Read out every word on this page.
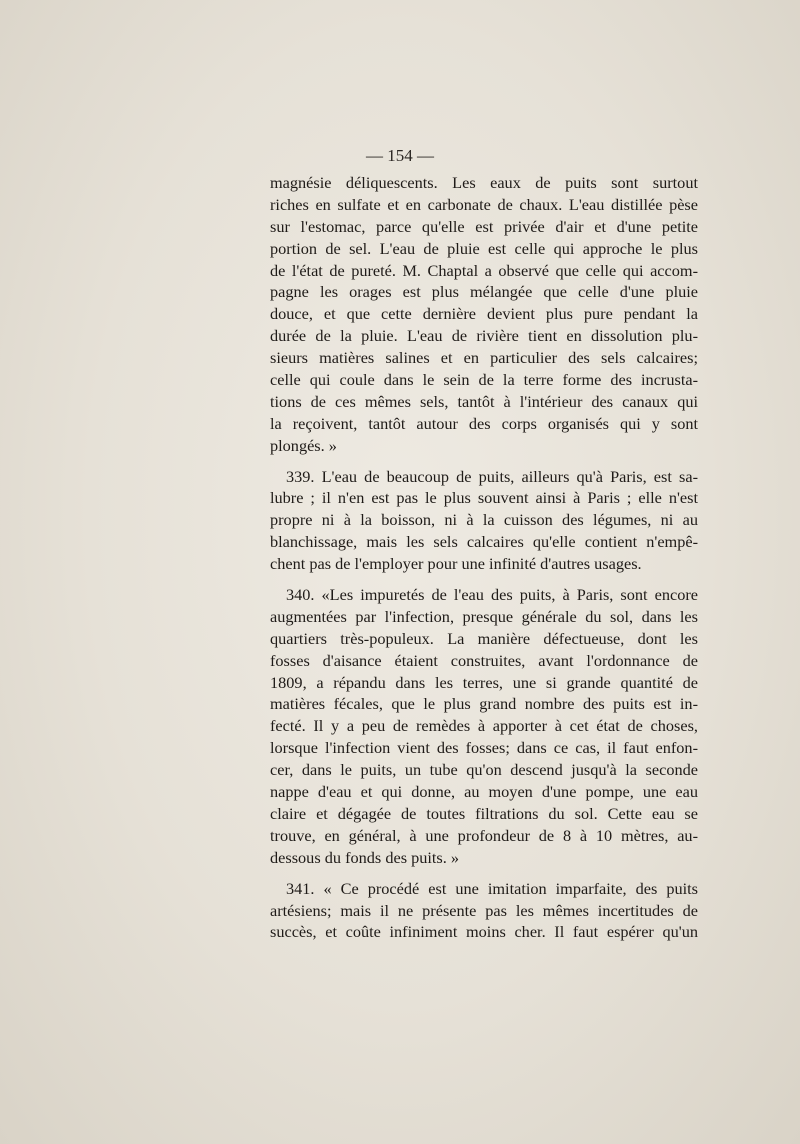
— 154 —
magnésie déliquescents. Les eaux de puits sont surtout
riches en sulfate et en carbonate de chaux. L'eau distillée pèse
sur l'estomac, parce qu'elle est privée d'air et d'une petite
portion de sel. L'eau de pluie est celle qui approche le plus
de l'état de pureté. M. Chaptal a observé que celle qui accom-
pagne les orages est plus mélangée que celle d'une pluie
douce, et que cette dernière devient plus pure pendant la
durée de la pluie. L'eau de rivière tient en dissolution plu-
sieurs matières salines et en particulier des sels calcaires;
celle qui coule dans le sein de la terre forme des incrusta-
tions de ces mêmes sels, tantôt à l'intérieur des canaux qui
la reçoivent, tantôt autour des corps organisés qui y sont
plongés. »
339. L'eau de beaucoup de puits, ailleurs qu'à Paris, est sa-
lubre ; il n'en est pas le plus souvent ainsi à Paris ; elle n'est
propre ni à la boisson, ni à la cuisson des légumes, ni au
blanchissage, mais les sels calcaires qu'elle contient n'empê-
chent pas de l'employer pour une infinité d'autres usages.
340. «Les impuretés de l'eau des puits, à Paris, sont encore
augmentées par l'infection, presque générale du sol, dans les
quartiers très-populeux. La manière défectueuse, dont les
fosses d'aisance étaient construites, avant l'ordonnance de
1809, a répandu dans les terres, une si grande quantité de
matières fécales, que le plus grand nombre des puits est in-
fecté. Il y a peu de remèdes à apporter à cet état de choses,
lorsque l'infection vient des fosses; dans ce cas, il faut enfon-
cer, dans le puits, un tube qu'on descend jusqu'à la seconde
nappe d'eau et qui donne, au moyen d'une pompe, une eau
claire et dégagée de toutes filtrations du sol. Cette eau se
trouve, en général, à une profondeur de 8 à 10 mètres, au-
dessous du fonds des puits. »
341. « Ce procédé est une imitation imparfaite, des puits
artésiens; mais il ne présente pas les mêmes incertitudes de
succès, et coûte infiniment moins cher. Il faut espérer qu'un
